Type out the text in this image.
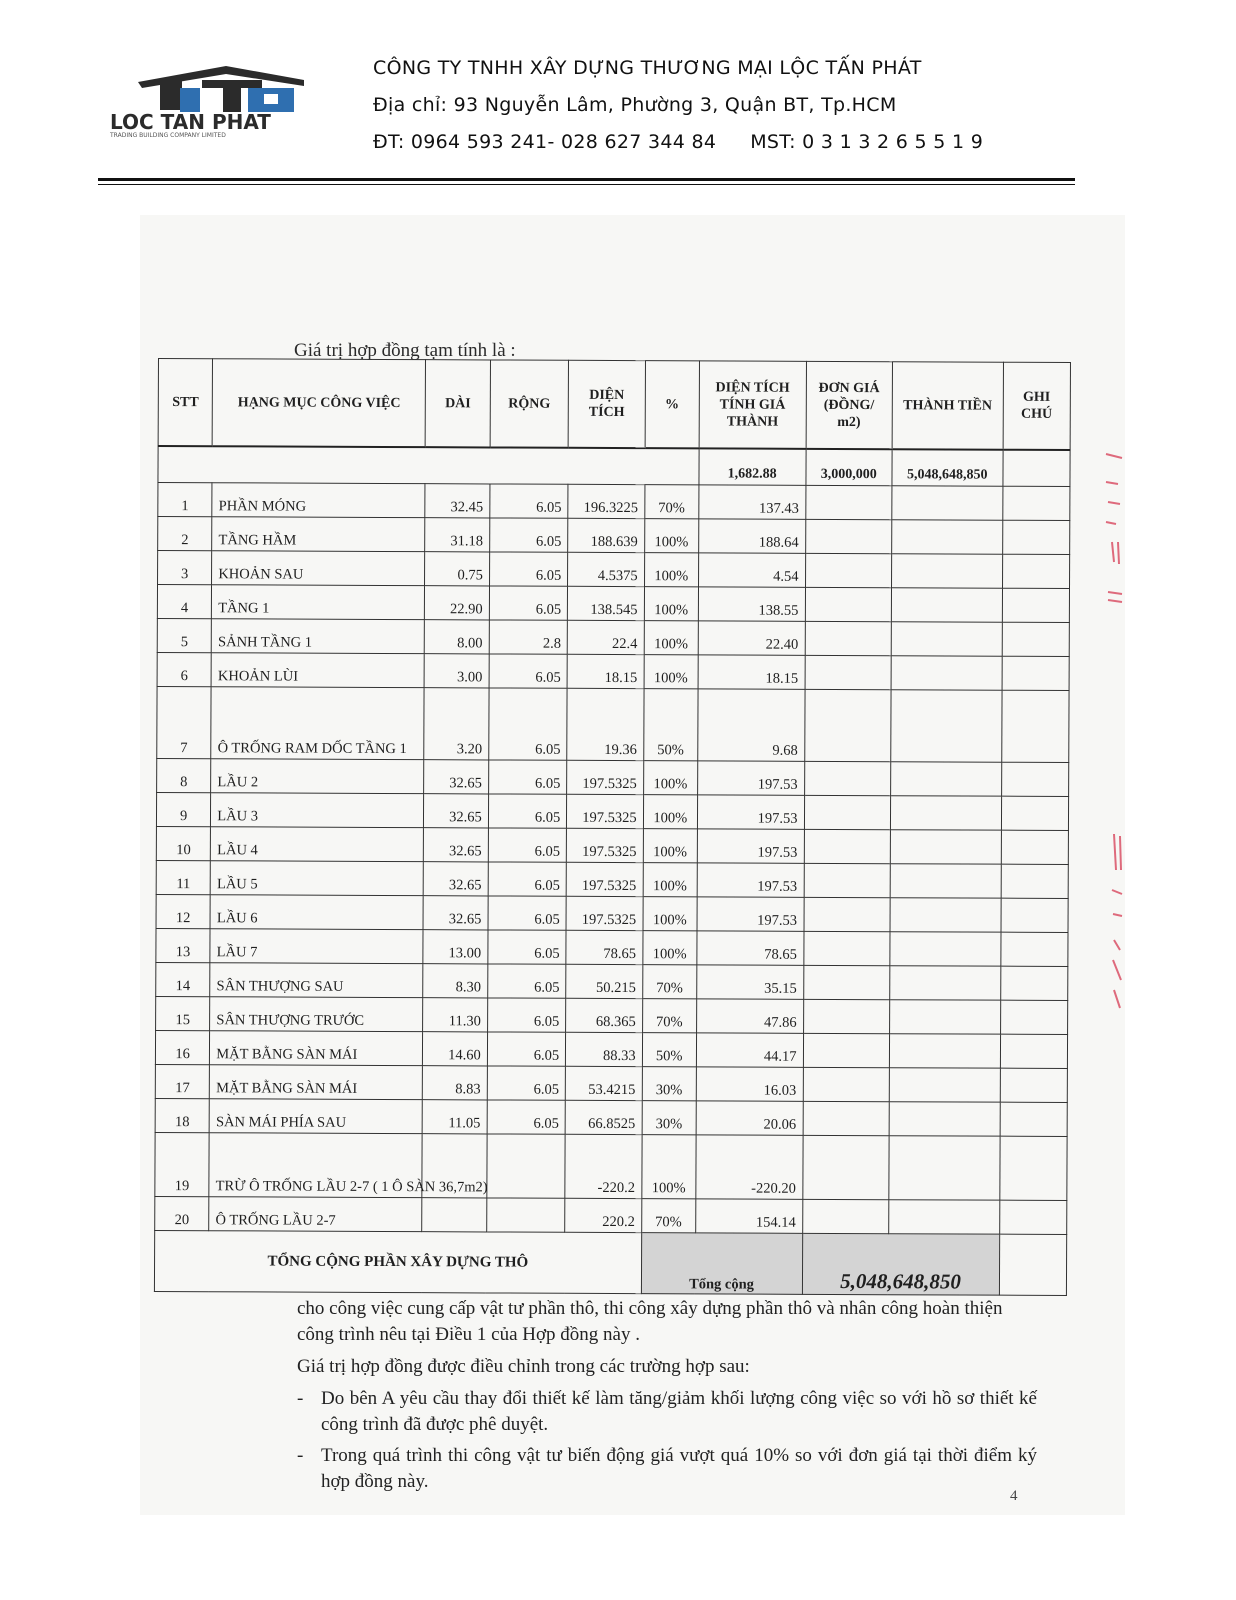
LOC TAN PHAT
TRADING BUILDING COMPANY LIMITED
CÔNG TY TNHH XÂY DỰNG THƯƠNG MẠI LỘC TẤN PHÁT
Địa chỉ: 93 Nguyễn Lâm, Phường 3, Quận BT, Tp.HCM
ĐT: 0964 593 241- 028 627 344 84 MST: 0 3 1 3 2 6 5 5 1 9
Giá trị hợp đồng tạm tính là :
STT	HẠNG MỤC CÔNG VIỆC	DÀI	RỘNG	DIỆN TÍCH	%	DIỆN TÍCH TÍNH GIÁ THÀNH	ĐƠN GIÁ (ĐỒNG/ m2)	THÀNH TIỀN	GHI CHÚ
						1,682.88	3,000,000	5,048,648,850	
1	PHẦN MÓNG	32.45	6.05	196.3225	70%	137.43			
2	TẦNG HẦM	31.18	6.05	188.639	100%	188.64			
3	KHOẢN SAU	0.75	6.05	4.5375	100%	4.54			
4	TẦNG 1	22.90	6.05	138.545	100%	138.55			
5	SẢNH TẦNG 1	8.00	2.8	22.4	100%	22.40			
6	KHOẢN LÙI	3.00	6.05	18.15	100%	18.15			
7	Ô TRỐNG RAM DỐC TẦNG 1	3.20	6.05	19.36	50%	9.68			
8	LẦU 2	32.65	6.05	197.5325	100%	197.53			
9	LẦU 3	32.65	6.05	197.5325	100%	197.53			
10	LẦU 4	32.65	6.05	197.5325	100%	197.53			
11	LẦU 5	32.65	6.05	197.5325	100%	197.53			
12	LẦU 6	32.65	6.05	197.5325	100%	197.53			
13	LẦU 7	13.00	6.05	78.65	100%	78.65			
14	SÂN THƯỢNG SAU	8.30	6.05	50.215	70%	35.15			
15	SÂN THƯỢNG TRƯỚC	11.30	6.05	68.365	70%	47.86			
16	MẶT BẰNG SÀN MÁI	14.60	6.05	88.33	50%	44.17			
17	MẶT BẰNG SÀN MÁI	8.83	6.05	53.4215	30%	16.03			
18	SÀN MÁI PHÍA SAU	11.05	6.05	66.8525	30%	20.06			
19	TRỪ Ô TRỐNG LẦU 2-7 ( 1 Ô SÀN 36,7m2)			-220.2	100%	-220.20			
20	Ô TRỐNG LẦU 2-7			220.2	70%	154.14			
TỔNG CỘNG PHẦN XÂY DỰNG THÔ					Tổng cộng		5,048,648,850		

cho công việc cung cấp vật tư phần thô, thi công xây dựng phần thô và nhân công hoàn thiện công trình nêu tại Điều 1 của Hợp đồng này .

Giá trị hợp đồng được điều chỉnh trong các trường hợp sau:

- Do bên A yêu cầu thay đổi thiết kế làm tăng/giảm khối lượng công việc so với hồ sơ thiết kế công trình đã được phê duyệt.
- Trong quá trình thi công vật tư biến động giá vượt quá 10% so với đơn giá tại thời điểm ký hợp đồng này.
4
